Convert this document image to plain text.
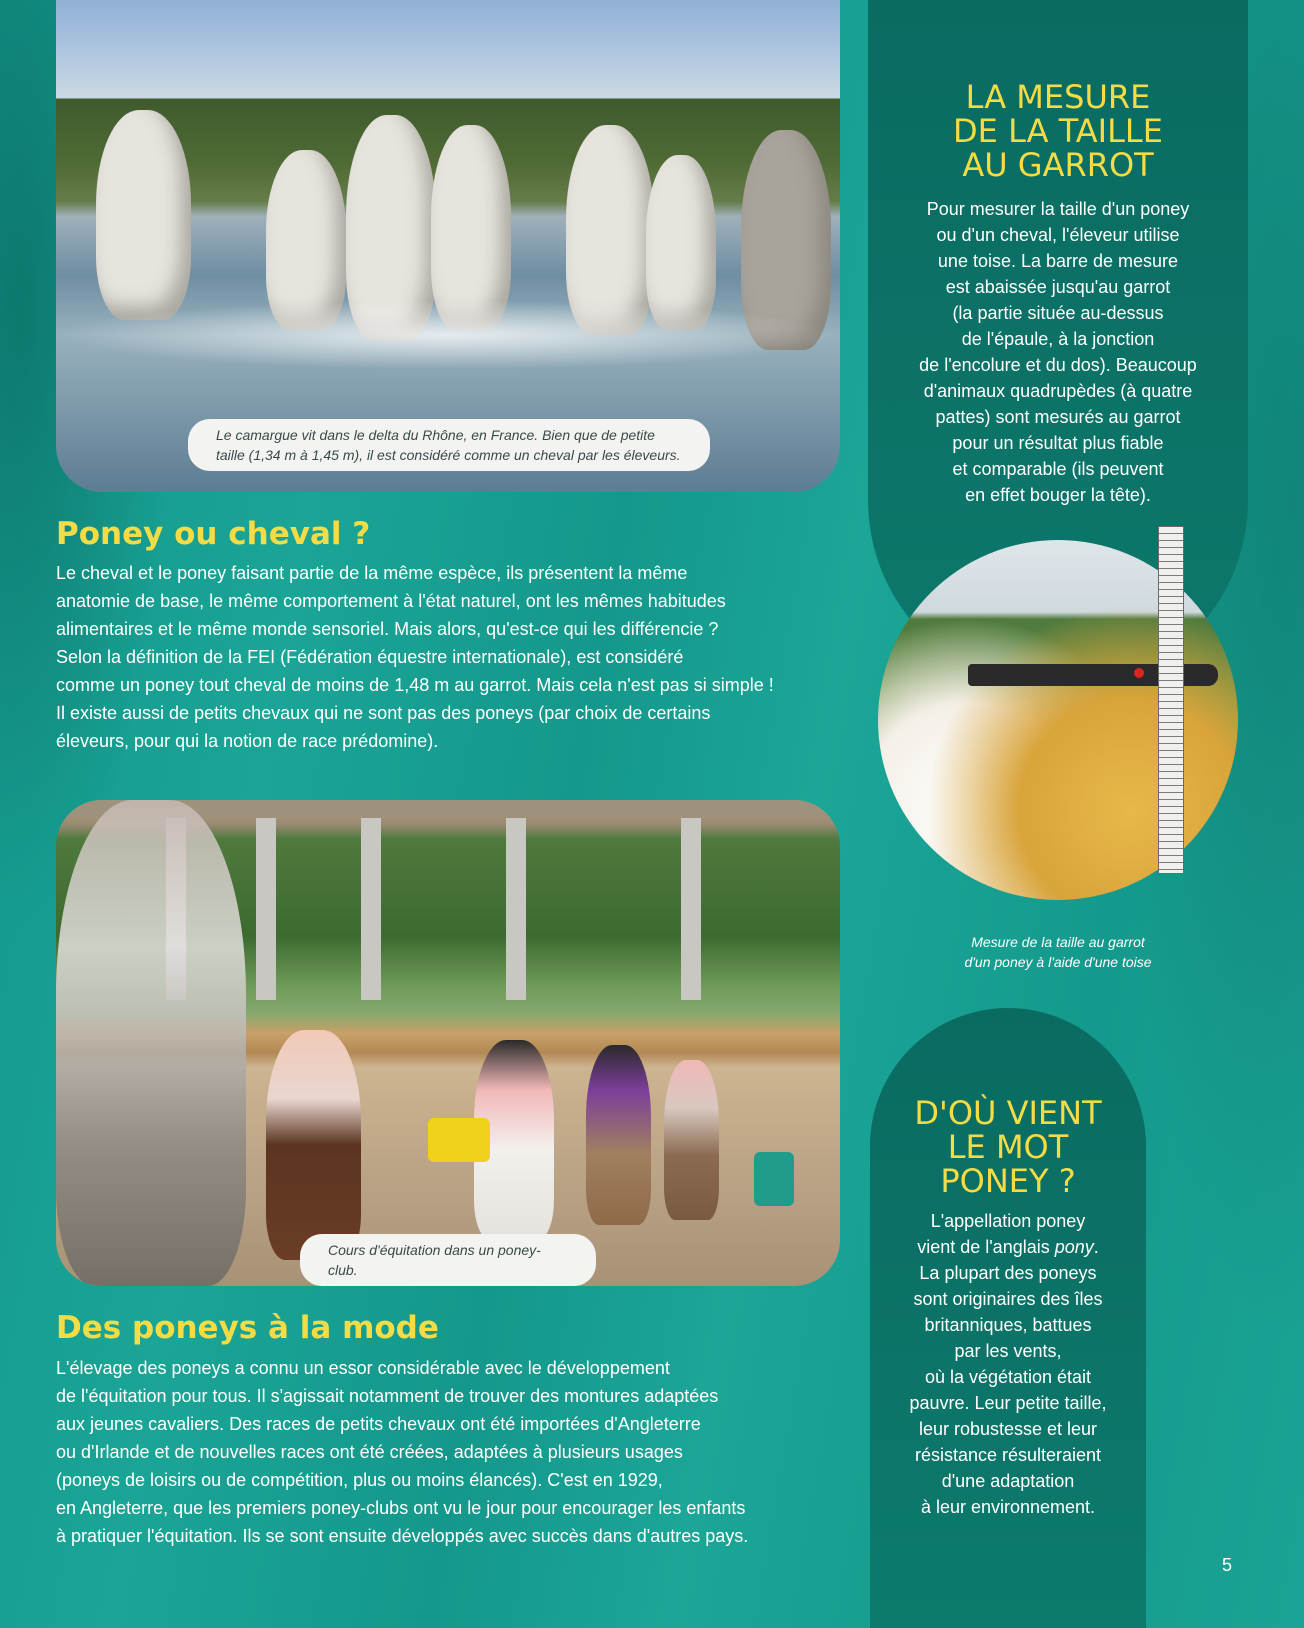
Le camargue vit dans le delta du Rhône, en France. Bien que de petite
taille (1,34 m à 1,45 m), il est considéré comme un cheval par les éleveurs.
Poney ou cheval ?
Le cheval et le poney faisant partie de la même espèce, ils présentent la même
anatomie de base, le même comportement à l'état naturel, ont les mêmes habitudes
alimentaires et le même monde sensoriel. Mais alors, qu'est-ce qui les différencie ?
Selon la définition de la FEI (Fédération équestre internationale), est considéré
comme un poney tout cheval de moins de 1,48 m au garrot. Mais cela n'est pas si simple !
Il existe aussi de petits chevaux qui ne sont pas des poneys (par choix de certains
éleveurs, pour qui la notion de race prédomine).
Cours d'équitation dans un poney-club.
Des poneys à la mode
L'élevage des poneys a connu un essor considérable avec le développement
de l'équitation pour tous. Il s'agissait notamment de trouver des montures adaptées
aux jeunes cavaliers. Des races de petits chevaux ont été importées d'Angleterre
ou d'Irlande et de nouvelles races ont été créées, adaptées à plusieurs usages
(poneys de loisirs ou de compétition, plus ou moins élancés). C'est en 1929,
en Angleterre, que les premiers poney-clubs ont vu le jour pour encourager les enfants
à pratiquer l'équitation. Ils se sont ensuite développés avec succès dans d'autres pays.
LA MESURE
DE LA TAILLE
AU GARROT
Pour mesurer la taille d'un poney
ou d'un cheval, l'éleveur utilise
une toise. La barre de mesure
est abaissée jusqu'au garrot
(la partie située au-dessus
de l'épaule, à la jonction
de l'encolure et du dos). Beaucoup
d'animaux quadrupèdes (à quatre
pattes) sont mesurés au garrot
pour un résultat plus fiable
et comparable (ils peuvent
en effet bouger la tête).
Mesure de la taille au garrot
d'un poney à l'aide d'une toise
D'OÙ VIENT
LE MOT
PONEY ?
L'appellation poney
vient de l'anglais pony.
La plupart des poneys
sont originaires des îles
britanniques, battues
par les vents,
où la végétation était
pauvre. Leur petite taille,
leur robustesse et leur
résistance résulteraient
d'une adaptation
à leur environnement.
5
